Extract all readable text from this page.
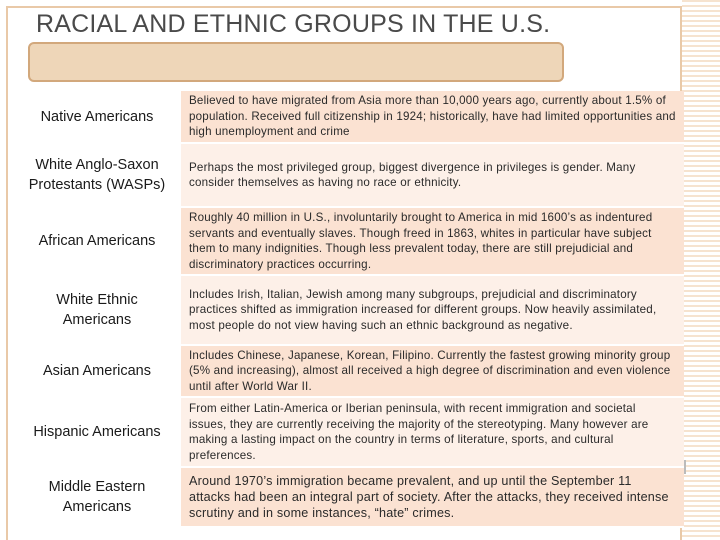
RACIAL AND ETHNIC GROUPS IN THE U.S.
Native Americans
Believed to have migrated from Asia more than 10,000 years ago, currently about 1.5% of population. Received full citizenship in 1924; historically, have had limited opportunities and high unemployment and crime
White Anglo-Saxon Protestants (WASPs)
Perhaps the most privileged group, biggest divergence in privileges is gender. Many consider themselves as having no race or ethnicity.
African Americans
Roughly 40 million in U.S., involuntarily brought to America in mid 1600’s as indentured servants and eventually slaves. Though freed in 1863, whites in particular have subject them to many indignities. Though less prevalent today, there are still prejudicial and discriminatory practices occurring.
White Ethnic Americans
Includes Irish, Italian, Jewish among many subgroups, prejudicial and discriminatory practices shifted as immigration increased for different groups. Now heavily assimilated, most people do not view having such an ethnic background as negative.
Asian Americans
Includes Chinese, Japanese, Korean, Filipino. Currently the fastest growing minority group (5% and increasing), almost all received a high degree of discrimination and even violence until after World War II.
Hispanic Americans
From either Latin-America or Iberian peninsula, with recent immigration and societal issues, they are currently receiving the majority of the stereotyping. Many however are making a lasting impact on the country in terms of literature, sports, and cultural preferences.
Middle Eastern Americans
Around 1970’s immigration became prevalent, and up until the September 11 attacks had been an integral part of society. After the attacks, they received intense scrutiny and in some instances, “hate” crimes.
